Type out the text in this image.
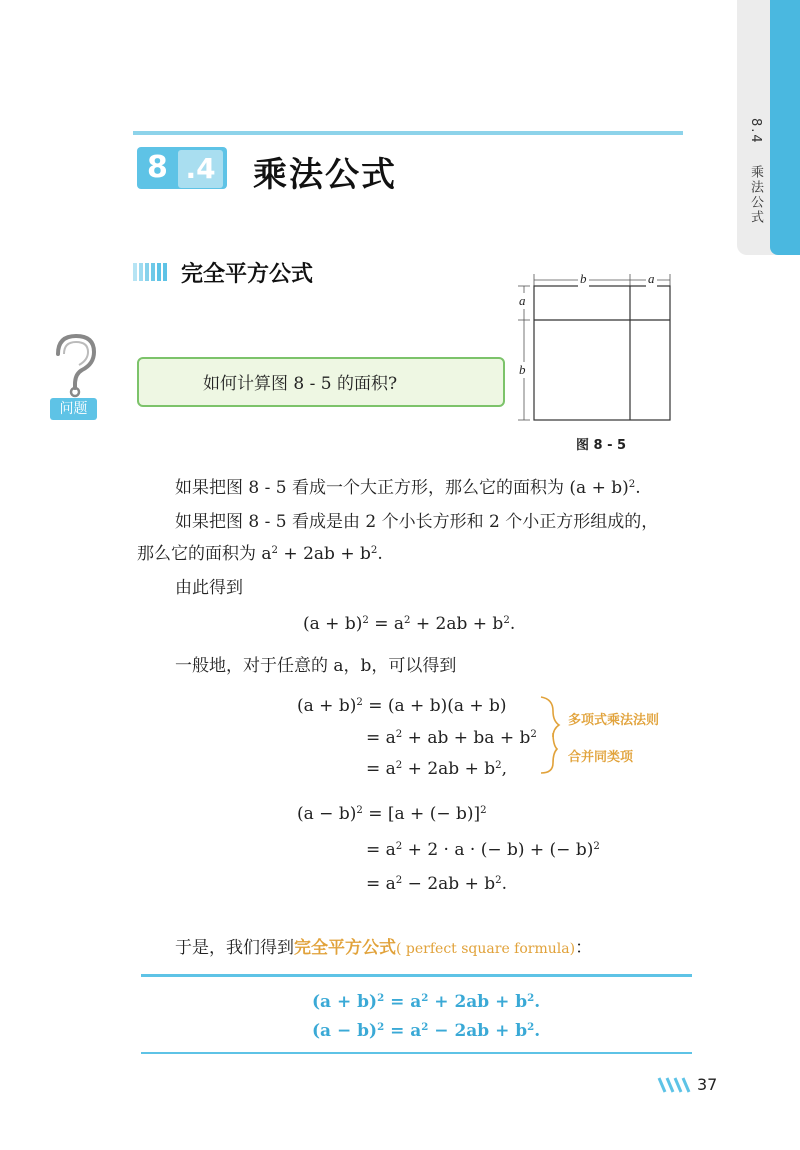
8.4 乘法公式
8 .4 乘法公式
完全平方公式
问题
如何计算图 8 - 5 的面积?
b	a
a
b
图 8 - 5
如果把图 8 - 5 看成一个大正方形，那么它的面积为 $(a + b)^2$.
如果把图 8 - 5 看成是由 2 个小长方形和 2 个小正方形组成的，
那么它的面积为 $a^2 + 2ab + b^2$.
由此得到
$(a + b)^2 = a^2 + 2ab + b^2$.
一般地，对于任意的 a，b，可以得到
$(a + b)^2 = (a + b)(a + b)$
= $a^2$ + ab + ba + $b^2$
= $a^2 + 2ab + b^2$,
多项式乘法法则
合并同类项
$(a - b)^2 = [a$ + (− b)]$^2$
= $a^2 + 2 \cdot a$ · (− b) + (− b)$^2$
= $a^2 - 2ab + b^2$.
于是，我们得到完全平方公式( perfect square formula)：
$(a + b)^2 = a^2 + 2ab + b^2$.
$(a - b)^2 = a^2 - 2ab + b^2$.
37
